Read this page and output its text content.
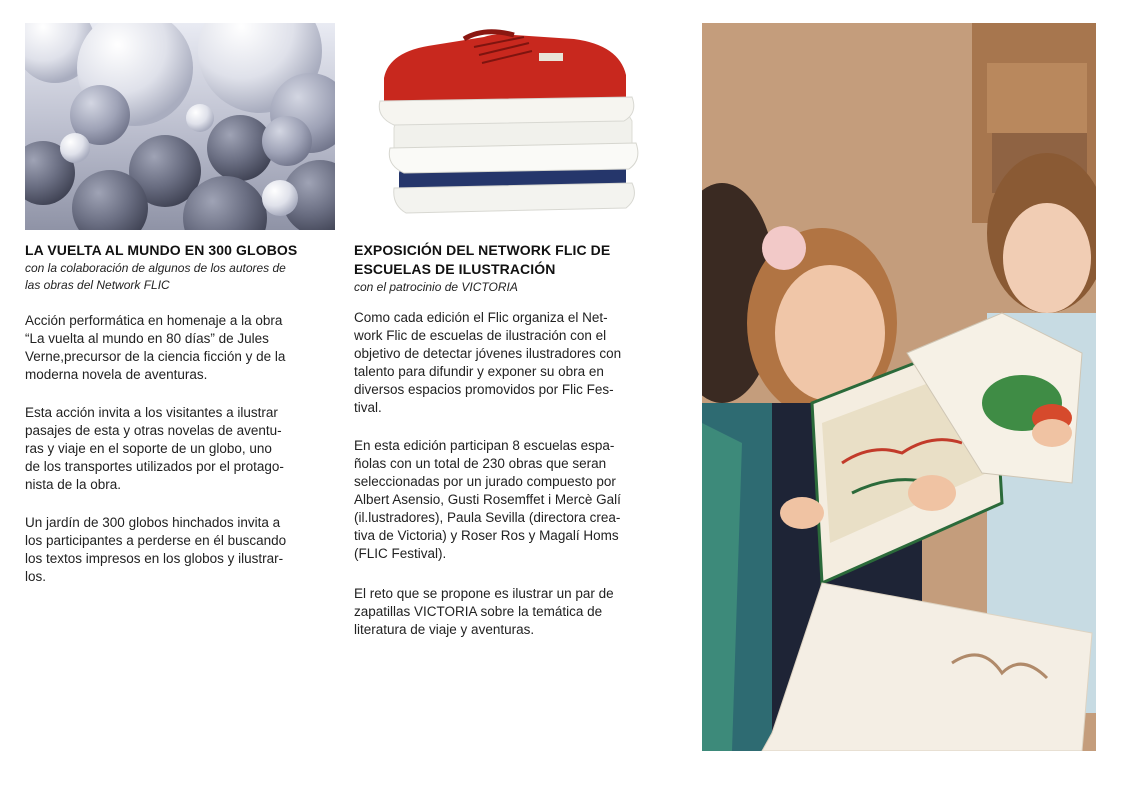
LA VUELTA AL MUNDO EN 300 GLOBOS
con la colaboración de algunos de los autores de
las obras del Network FLIC

Acción performática en homenaje a la obra

“La vuelta al mundo en 80 días” de Jules

Verne,precursor de la ciencia ficción y de la

moderna novela de aventuras.

Esta acción invita a los visitantes a ilustrar

pasajes de esta y otras novelas de aventu-

ras y viaje en el soporte de un globo, uno

de los transportes utilizados por el protago-

nista de la obra.

Un jardín de 300 globos hinchados invita a

los participantes a perderse en él buscando

los textos impresos en los globos y ilustrar-

los.

EXPOSICIÓN DEL NETWORK FLIC DE
ESCUELAS DE ILUSTRACIÓN
con el patrocinio de VICTORIA

Como cada edición el Flic organiza el Net-

work Flic de escuelas de ilustración con el

objetivo de detectar jóvenes ilustradores con

talento para difundir y exponer su obra en

diversos espacios promovidos por Flic Fes-

tival.

En esta edición participan 8 escuelas espa-

ñolas con un total de 230 obras que seran

seleccionadas por un jurado compuesto por

Albert Asensio, Gusti Rosemffet i Mercè Galí

(il.lustradores), Paula Sevilla (directora crea-

tiva de Victoria) y Roser Ros y Magalí Homs

(FLIC Festival).

El reto que se propone es ilustrar un par de

zapatillas VICTORIA sobre la temática de

literatura de viaje y aventuras.
